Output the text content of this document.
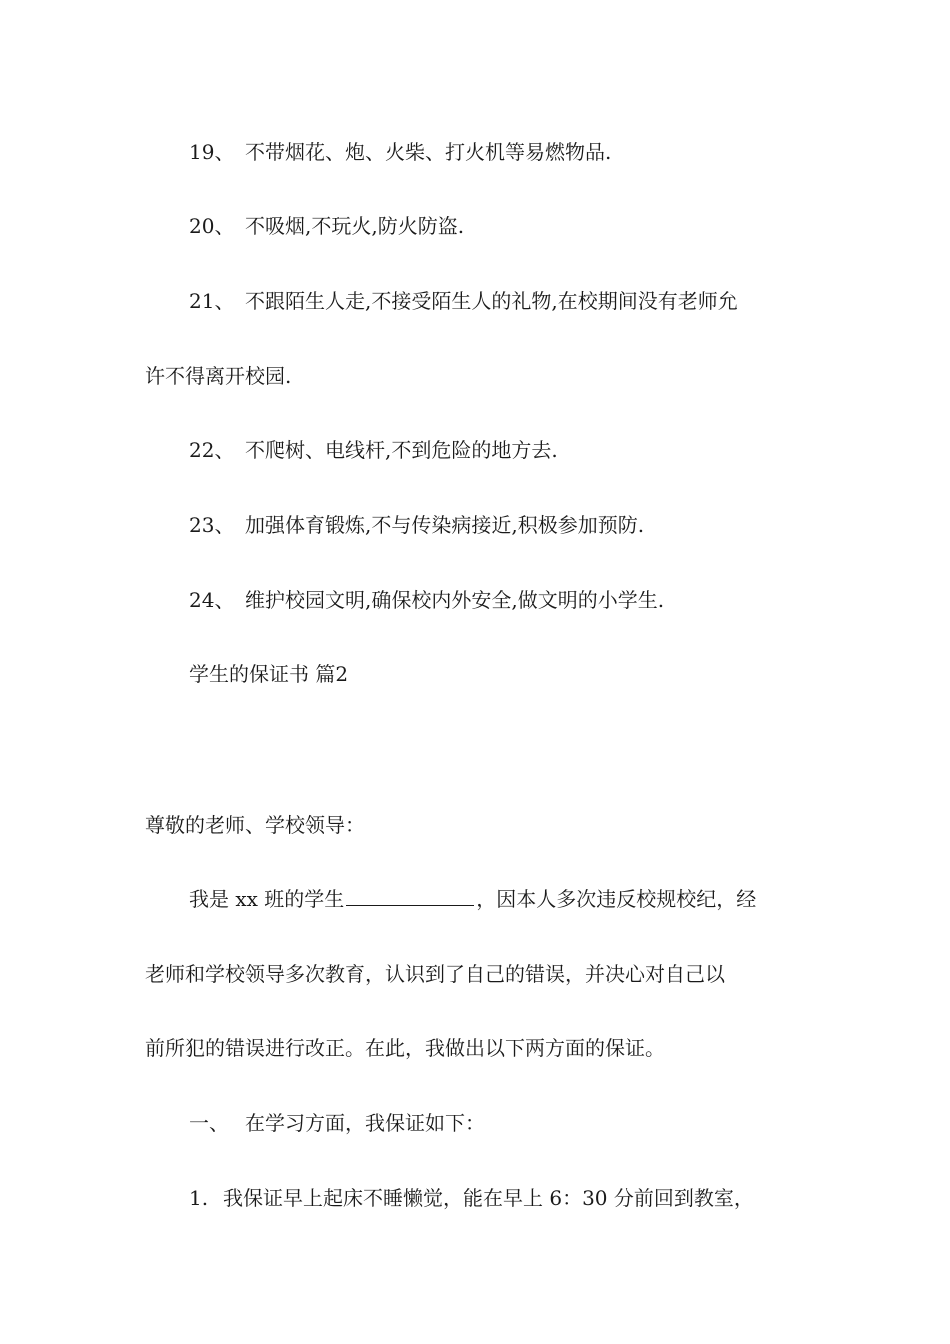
19、 不带烟花、炮、火柴、打火机等易燃物品.
20、 不吸烟,不玩火,防火防盗.
21、 不跟陌生人走,不接受陌生人的礼物,在校期间没有老师允
许不得离开校园.
22、 不爬树、电线杆,不到危险的地方去.
23、 加强体育锻炼,不与传染病接近,积极参加预防.
24、 维护校园文明,确保校内外安全,做文明的小学生.
学生的保证书 篇2
尊敬的老师、学校领导：
我是 xx 班的学生	，因本人多次违反校规校纪，经
老师和学校领导多次教育，认识到了自己的错误，并决心对自己以
前所犯的错误进行改正。在此，我做出以下两方面的保证。
一、 在学习方面，我保证如下：
1. 我保证早上起床不睡懒觉，能在早上 6：30 分前回到教室，
